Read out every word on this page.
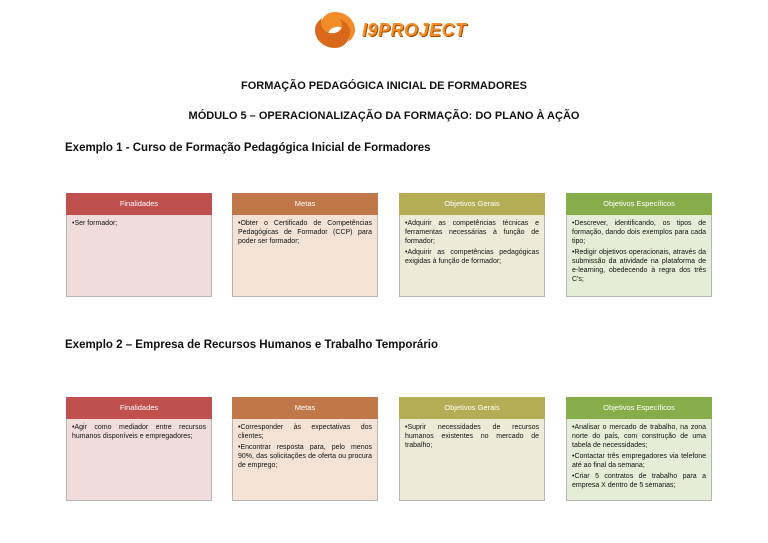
I9PROJECT
FORMAÇÃO PEDAGÓGICA INICIAL DE FORMADORES
MÓDULO 5 – OPERACIONALIZAÇÃO DA FORMAÇÃO: DO PLANO À AÇÃO
Exemplo 1 - Curso de Formação Pedagógica Inicial de Formadores
Finalidades
•Ser formador;
Metas
•Obter o Certificado de Competências Pedagógicas de Formador (CCP) para poder ser formador;
Objetivos Gerais
•Adquirir as competências técnicas e ferramentas necessárias à função de formador;
•Adquirir as competências pedagógicas exigidas à função de formador;
Objetivos Específicos
•Descrever, identificando, os tipos de formação, dando dois exemplos para cada tipo;
•Redigir objetivos operacionais, através da submissão da atividade na plataforma de e-learning, obedecendo à regra dos três C's;
Exemplo 2 – Empresa de Recursos Humanos e Trabalho Temporário
Finalidades
•Agir como mediador entre recursos humanos disponíveis e empregadores;
Metas
•Corresponder às expectativas dos clientes;
•Encontrar resposta para, pelo menos 90%, das solicitações de oferta ou procura de emprego;
Objetivos Gerais
•Suprir necessidades de recursos humanos existentes no mercado de trabalho;
Objetivos Específicos
•Analisar o mercado de trabalho, na zona norte do país, com construção de uma tabela de necessidades;
•Contactar três empregadores via telefone até ao final da semana;
•Criar 5 contratos de trabalho para a empresa X dentro de 5 semanas;
